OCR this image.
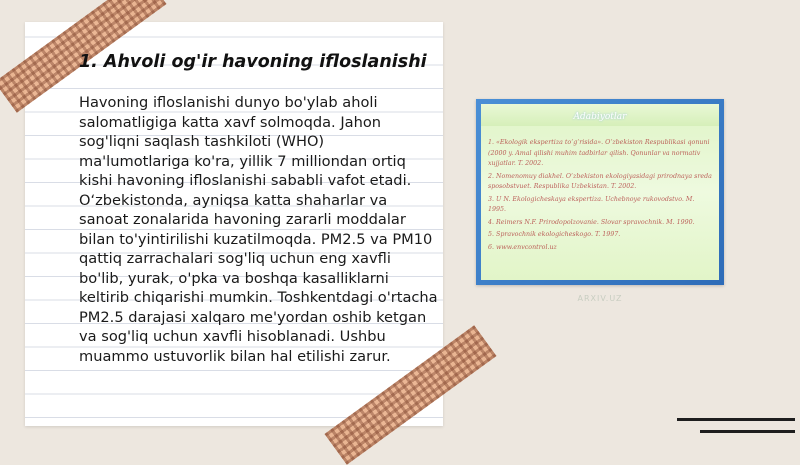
1. Ahvoli og'ir havoning ifloslanishi

Havoning ifloslanishi dunyo bo'ylab aholi salomatligiga katta xavf solmoqda. Jahon sog'liqni saqlash tashkiloti (WHO) ma'lumotlariga ko'ra, yillik 7 milliondan ortiq kishi havoning ifloslanishi sababli vafot etadi. O‘zbekistonda, ayniqsa katta shaharlar va sanoat zonalarida havoning zararli moddalar bilan to'yintirilishi kuzatilmoqda. PM2.5 va PM10 qattiq zarrachalari sog'liq uchun eng xavfli bo'lib, yurak, o'pka va boshqa kasalliklarni keltirib chiqarishi mumkin. Toshkentdagi o'rtacha PM2.5 darajasi xalqaro me'yordan oshib ketgan va sog'liq uchun xavfli hisoblanadi. Ushbu muammo ustuvorlik bilan hal etilishi zarur.

Adabiyotlar
1. «Ekologik ekspertiza to‘g‘risida». O‘zbekiston Respublikasi qonuni (2000 y. Amal qilishi muhim tadbirlar qilish. Qonunlar va normativ xujjatlar. T. 2002.
2. Nomenomuy diakhel. O‘zbekiston ekologiyasidagi prirodnaya sreda sposobstvuet. Respublika Uzbekistan. T. 2002.
3. U N. Ekologicheskaya ekspertiza. Uchebnoye rukovodstvo. M. 1995.
4. Reimers N.F. Prirodopolzovanie. Slovar spravochnik. M. 1990.
5. Spravochnik ekologicheskogo. T. 1997.
6. www.envcontrol.uz
ARXIV.UZ
